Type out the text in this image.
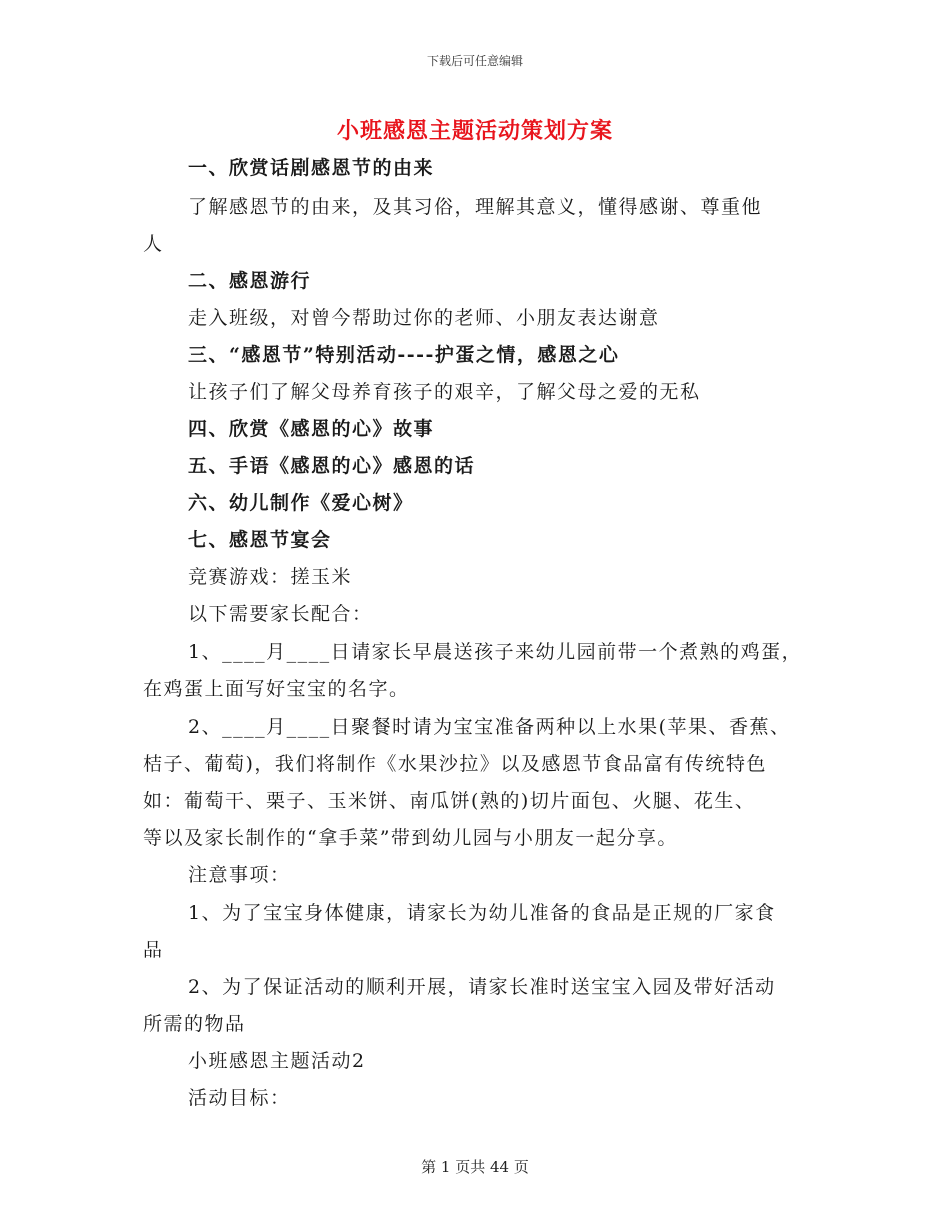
下载后可任意编辑
小班感恩主题活动策划方案
一、欣赏话剧感恩节的由来
了解感恩节的由来，及其习俗，理解其意义，懂得感谢、尊重他
人
二、感恩游行
走入班级，对曾今帮助过你的老师、小朋友表达谢意
三、“感恩节”特别活动----护蛋之情，感恩之心
让孩子们了解父母养育孩子的艰辛，了解父母之爱的无私
四、欣赏《感恩的心》故事
五、手语《感恩的心》感恩的话
六、幼儿制作《爱心树》
七、感恩节宴会
竞赛游戏：搓玉米
以下需要家长配合：
1、____月____日请家长早晨送孩子来幼儿园前带一个煮熟的鸡蛋，
在鸡蛋上面写好宝宝的名字。
2、____月____日聚餐时请为宝宝准备两种以上水果(苹果、香蕉、
桔子、葡萄)，我们将制作《水果沙拉》以及感恩节食品富有传统特色
如：葡萄干、栗子、玉米饼、南瓜饼(熟的)切片面包、火腿、花生、
等以及家长制作的“拿手菜”带到幼儿园与小朋友一起分享。
注意事项：
1、为了宝宝身体健康，请家长为幼儿准备的食品是正规的厂家食
品
2、为了保证活动的顺利开展，请家长准时送宝宝入园及带好活动
所需的物品
小班感恩主题活动2
活动目标：
第 1 页共 44 页
